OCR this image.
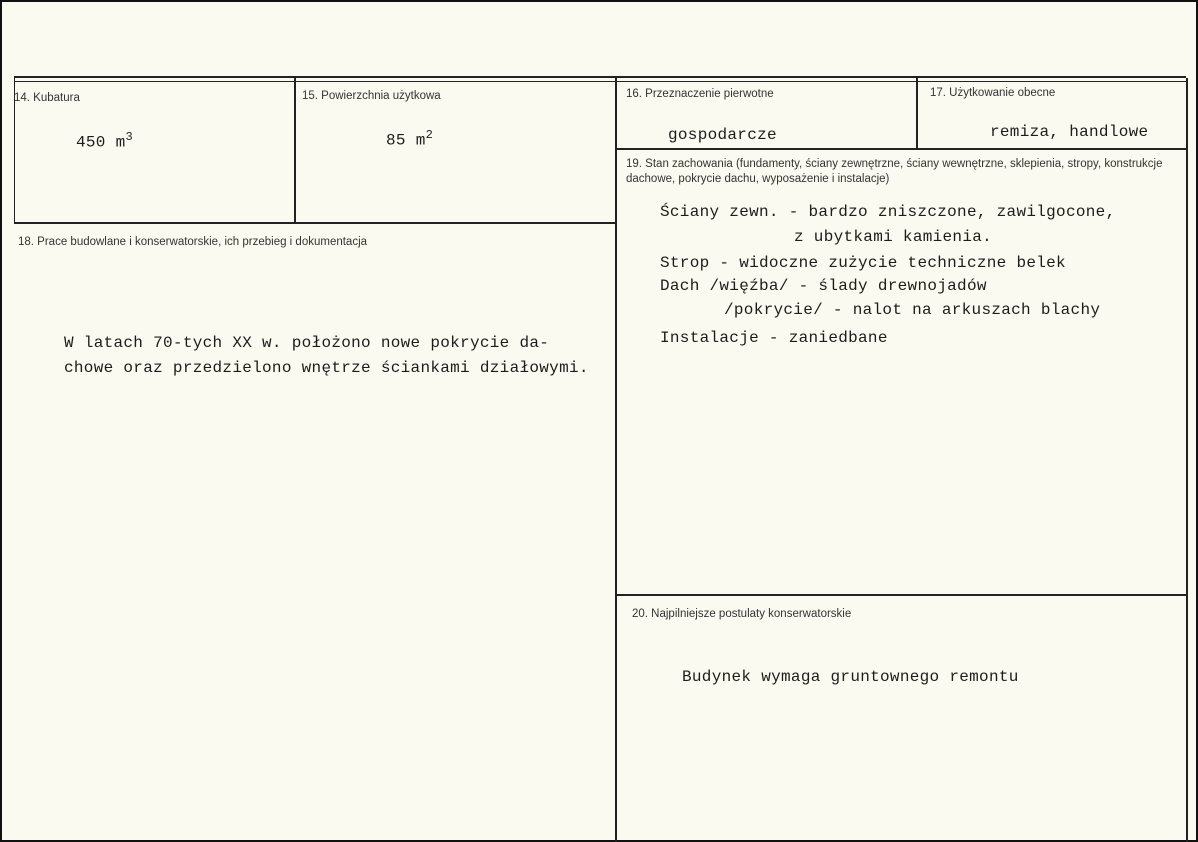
14. Kubatura
450 $m^3$
15. Powierzchnia użytkowa
85 $m^2$
16. Przeznaczenie pierwotne
gospodarcze
17. Użytkowanie obecne
remiza, handlowe
18. Prace budowlane i konserwatorskie, ich przebieg i dokumentacja
W latach 70-tych XX w. położono nowe pokrycie da-
chowe oraz przedzielono wnętrze ściankami działowymi.
19. Stan zachowania (fundamenty, ściany zewnętrzne, ściany wewnętrzne, sklepienia, stropy, konstrukcje dachowe, pokrycie dachu, wyposażenie i instalacje)
Ściany zewn. - bardzo zniszczone, zawilgocone,
z ubytkami kamienia.
Strop - widoczne zużycie techniczne belek
Dach /więźba/ - ślady drewnojadów
/pokrycie/ - nalot na arkuszach blachy
Instalacje - zaniedbane
20. Najpilniejsze postulaty konserwatorskie
Budynek wymaga gruntownego remontu
